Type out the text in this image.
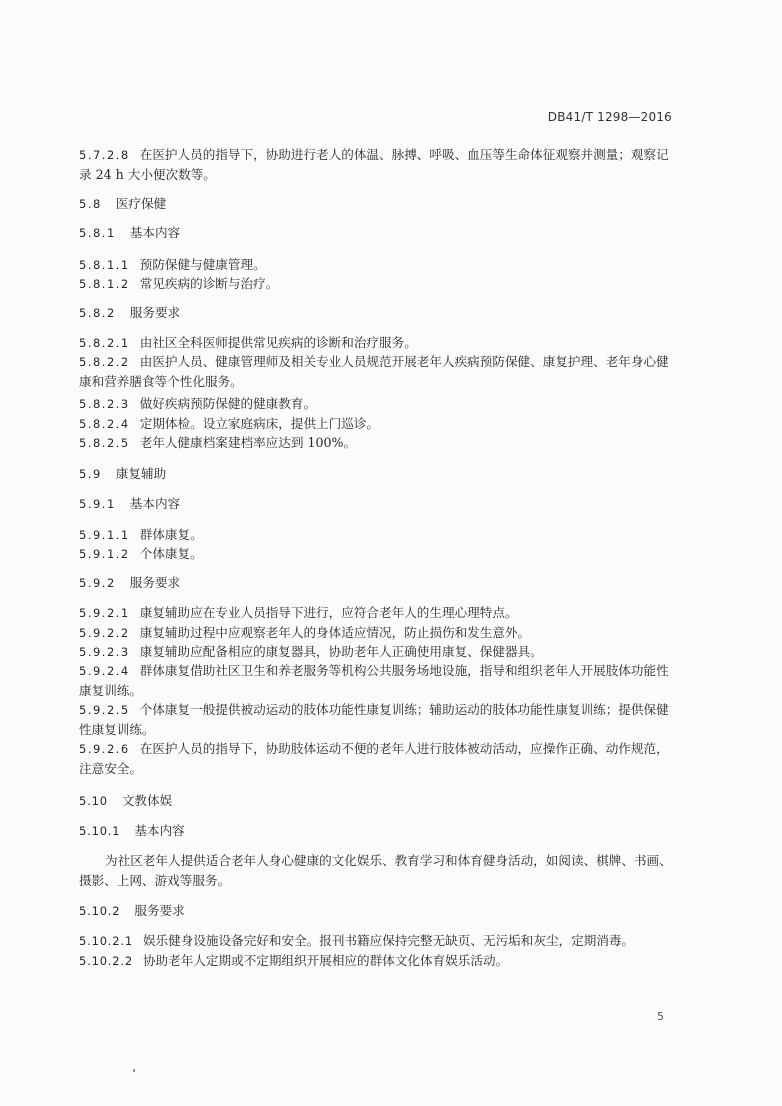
DB41/T 1298—2016
5.7.2.8 在医护人员的指导下，协助进行老人的体温、脉搏、呼吸、血压等生命体征观察并测量；观察记录 24 h 大小便次数等。
5.8 医疗保健
5.8.1 基本内容
5.8.1.1 预防保健与健康管理。
5.8.1.2 常见疾病的诊断与治疗。
5.8.2 服务要求
5.8.2.1 由社区全科医师提供常见疾病的诊断和治疗服务。
5.8.2.2 由医护人员、健康管理师及相关专业人员规范开展老年人疾病预防保健、康复护理、老年身心健康和营养膳食等个性化服务。
5.8.2.3 做好疾病预防保健的健康教育。
5.8.2.4 定期体检。设立家庭病床，提供上门巡诊。
5.8.2.5 老年人健康档案建档率应达到 100%。
5.9 康复辅助
5.9.1 基本内容
5.9.1.1 群体康复。
5.9.1.2 个体康复。
5.9.2 服务要求
5.9.2.1 康复辅助应在专业人员指导下进行，应符合老年人的生理心理特点。
5.9.2.2 康复辅助过程中应观察老年人的身体适应情况，防止损伤和发生意外。
5.9.2.3 康复辅助应配备相应的康复器具，协助老年人正确使用康复、保健器具。
5.9.2.4 群体康复借助社区卫生和养老服务等机构公共服务场地设施，指导和组织老年人开展肢体功能性康复训练。
5.9.2.5 个体康复一般提供被动运动的肢体功能性康复训练；辅助运动的肢体功能性康复训练；提供保健性康复训练。
5.9.2.6 在医护人员的指导下，协助肢体运动不便的老年人进行肢体被动活动，应操作正确、动作规范，注意安全。
5.10 文教体娱
5.10.1 基本内容
为社区老年人提供适合老年人身心健康的文化娱乐、教育学习和体育健身活动，如阅读、棋牌、书画、摄影、上网、游戏等服务。
5.10.2 服务要求
5.10.2.1 娱乐健身设施设备完好和安全。报刊书籍应保持完整无缺页、无污垢和灰尘，定期消毒。
5.10.2.2 协助老年人定期或不定期组织开展相应的群体文化体育娱乐活动。
5
